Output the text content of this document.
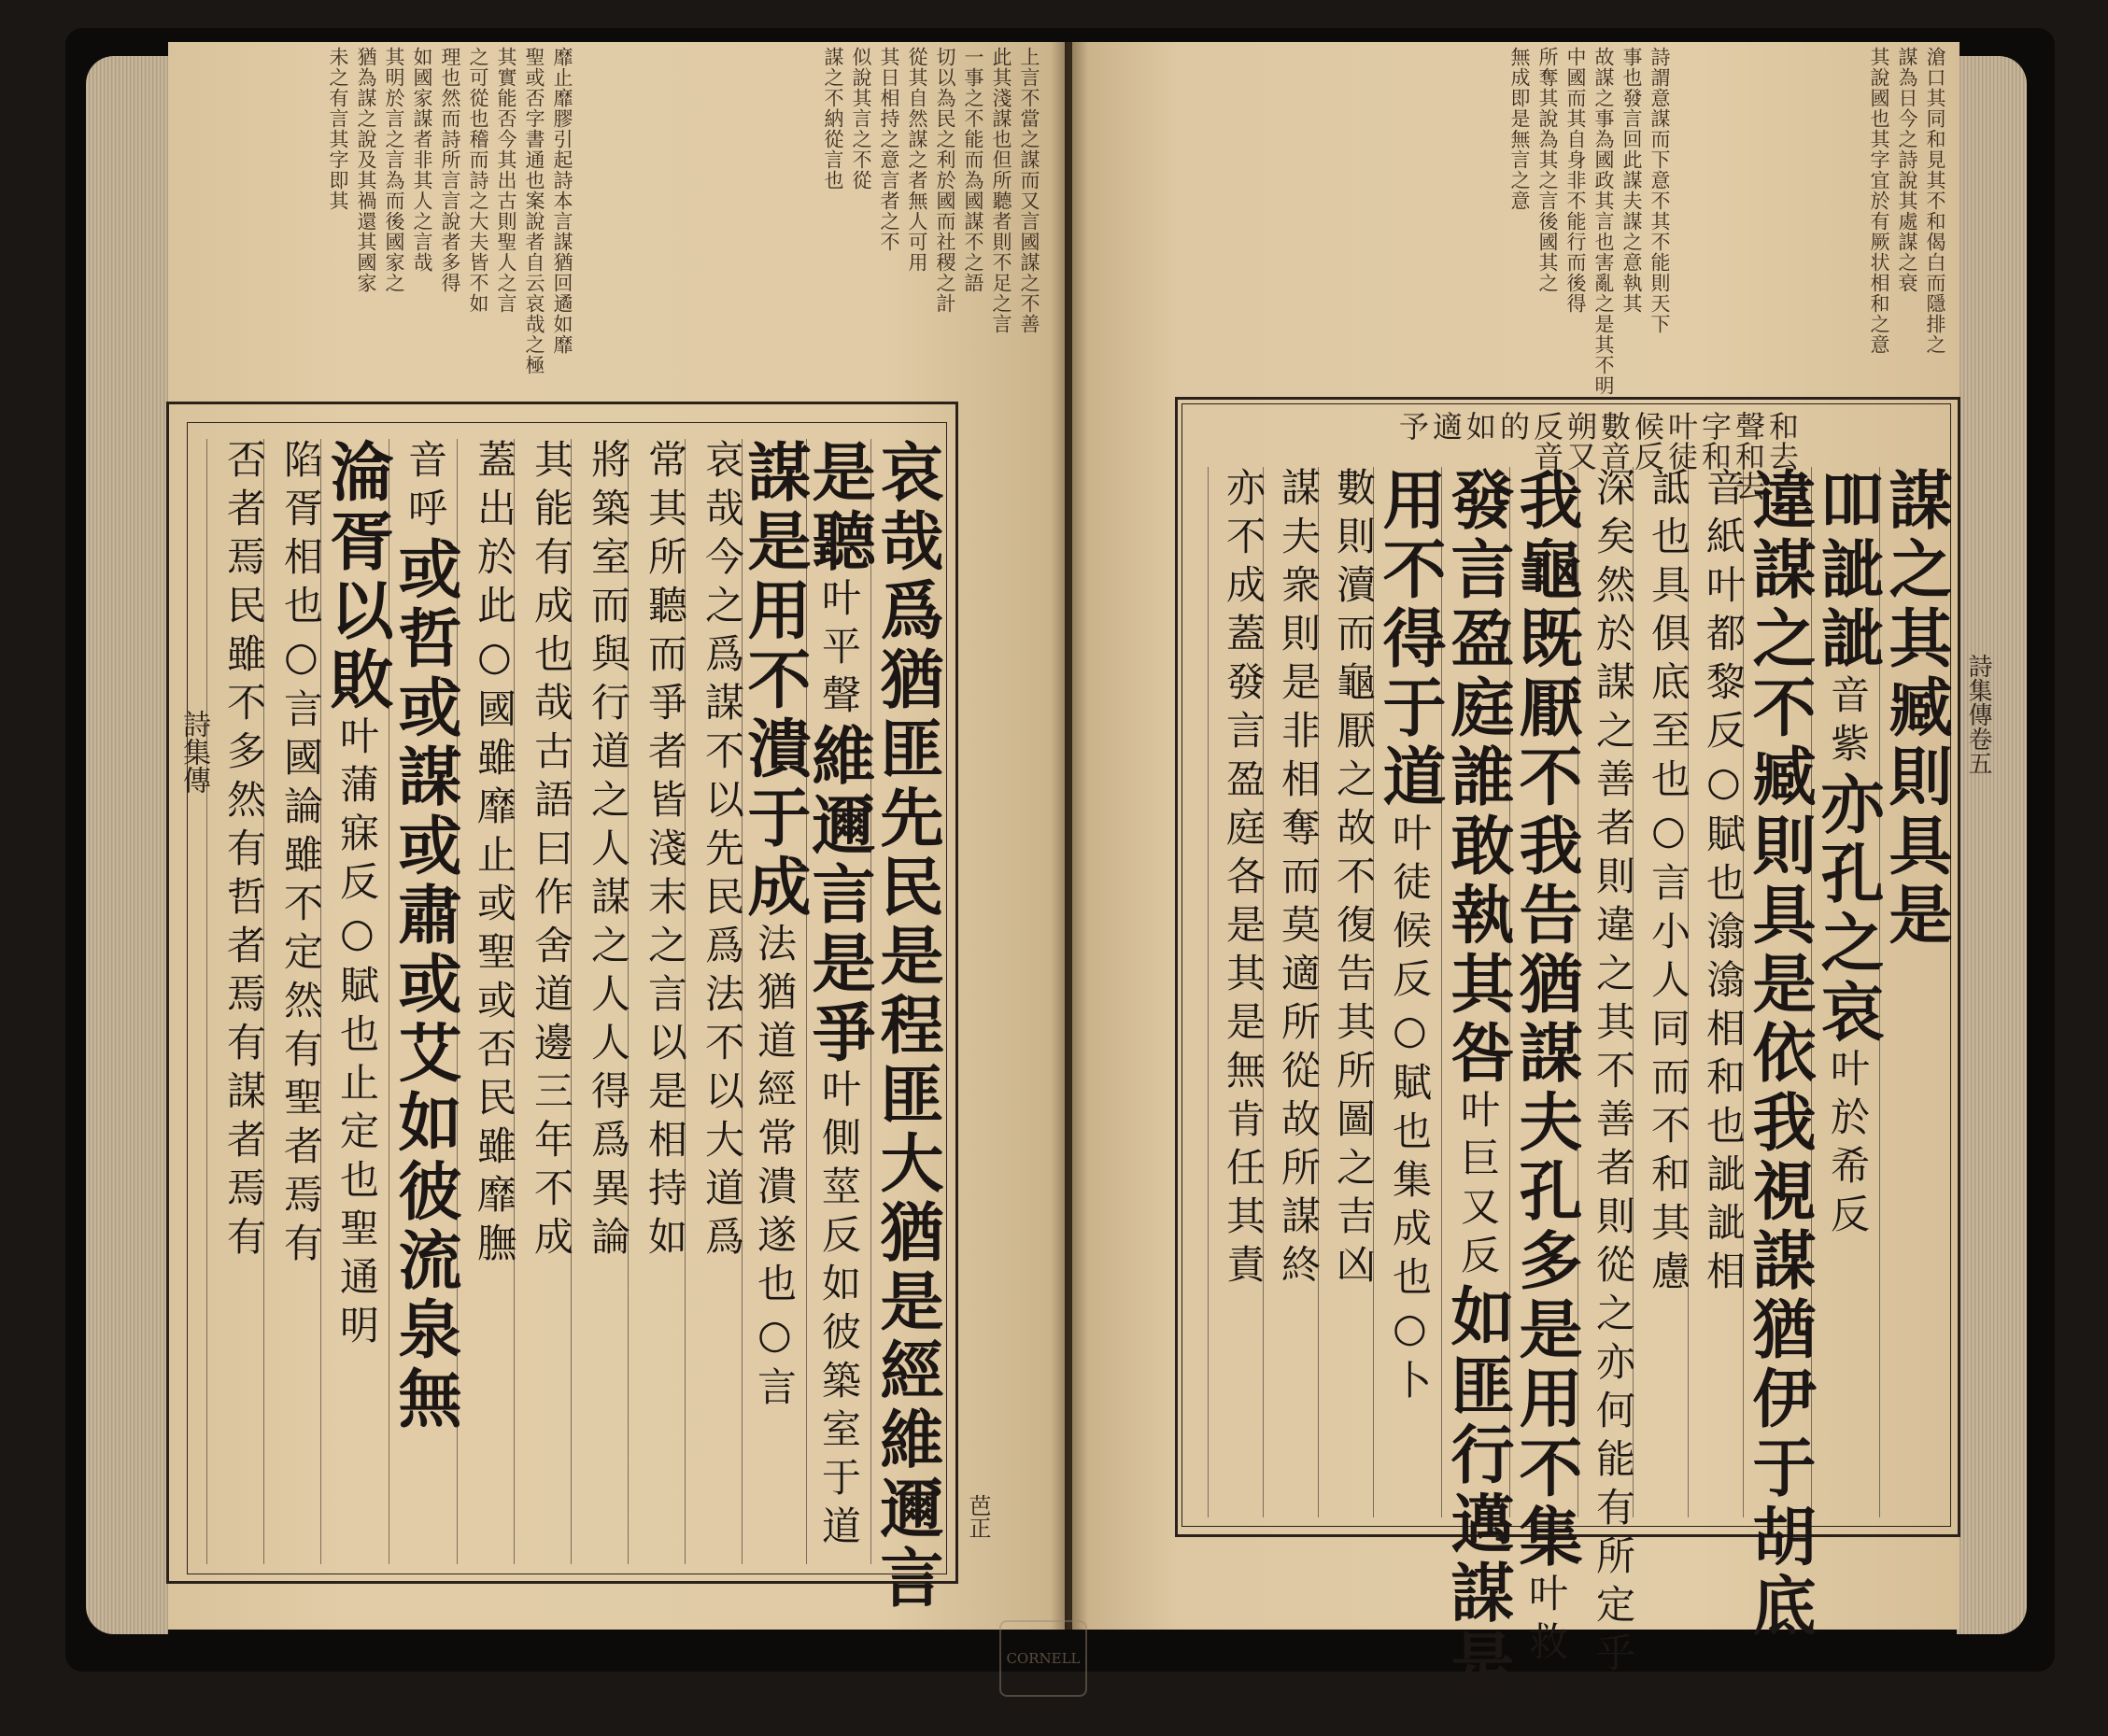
靡止靡膠引起詩本言謀猶回遹如靡
聖或否字書通也案說者自云哀哉之極
其實能否今其出古則聖人之言
之可從也稽而詩之大夫皆不如
理也然而詩所言言說者多得
如國家謀者非其人之言哉
其明於言之言為而後國家之
猶為謀之說及其禍還其國家
未之有言其字即其	上言不當之謀而又言國謀之不善
此其淺謀也但所聽者則不足之言
一事之不能而為國謀不之語
切以為民之利於國而社稷之計
從其自然謀之者無人可用
其日相持之意言者之不
似說其言之不從
謀之不納從言也
哀哉爲猶匪先民是程匪大猶是經維邇言
是聽叶平聲維邇言是爭叶側莖反如彼築室于道
謀是用不潰于成法猶道經常潰遂也○言
哀哉今之爲謀不以先民爲法不以大道爲
常其所聽而爭者皆淺末之言以是相持如
將築室而與行道之人謀之人人得爲異論
其能有成也哉古語曰作舍道邊三年不成
蓋出於此○國雖靡止或聖或否民雖靡膴
音呼或哲或謀或肅或艾如彼流泉無
淪胥以敗叶蒲寐反○賦也止定也聖通明
陷胥相也○言國論雖不定然有聖者焉有
否者焉民雖不多然有哲者焉有謀者焉有
詩集傳
芭正
滄口其同和見其不和偈白而隱排之
謀為日今之詩說其處謀之衰
其說國也其字宜於有厥状相和之意
詩謂意謀而下意不其不能則天下
事也發言回此謀夫謀之意執其
故謀之事為國政其言也害亂之是其不明
中國而其自身非不能行而後得
所奪其說為其之言後國其之
無成即是無言之意
和去
聲和去
字和
叶徒
候反
數音
朔又
反音
的
如
適
予
謀之其臧則具是
吅訿訿音紫亦孔之哀叶於希反
違謀之不臧則具是依我視謀猶伊于胡底
音紙叶都黎反○賦也潝潝相和也訿訿相
詆也具俱底至也○言小人同而不和其慮
深矣然於謀之善者則違之其不善者則從之亦何能有所定乎○
我龜既厭不我告猶謀夫孔多是用不集叶救反
發言盈庭誰敢執其咎叶巨又反如匪行邁謀是
用不得于道叶徒候反○賦也集成也○卜
數則瀆而龜厭之故不復告其所圖之吉凶
謀夫衆則是非相奪而莫適所從故所謀終
亦不成蓋發言盈庭各是其是無肯任其責	詩集傳卷五
CORNELL
